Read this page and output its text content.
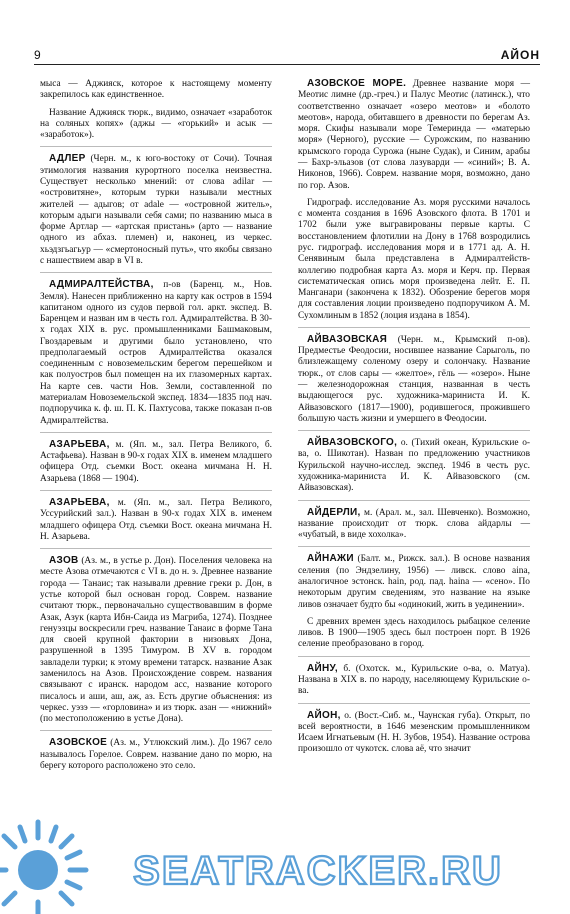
9	АЙОН

мыса — Аджияск, которое к настоящему моменту закрепилось как единственное.

Название Аджияск тюрк., видимо, означает «заработок на соляных копях» (аджы — «горький» и асык — «заработок»).

АДЛЕР (Черн. м., к юго-востоку от Сочи). Точная этимология названия курортного поселка неизвестна. Существует несколько мнений: от слова adilar — «островитяне», которым турки называли местных жителей — адыгов; от adale — «островной житель», которым адыги называли себя сами; по названию мыса в форме Артлар — «артская пристань» (арто — название одного из абхаз. племен) и, наконец, из черкес. хьэдзгьагьур — «смертоносный путь», что якобы связано с нашествием авар в VI в.

АДМИРАЛТЕЙСТВА, п-ов (Баренц. м., Нов. Земля). Нанесен приближенно на карту как остров в 1594 капитаном одного из судов первой гол. аркт. экспед. В. Баренцем и назван им в честь гол. Адмиралтейства. В 30-х годах XIX в. рус. промышленниками Башмаковым, Гвоздаревым и другими было установлено, что предполагаемый остров Адмиралтейства оказался соединенным с новоземельским берегом перешейком и как полуостров был помещен на их глазомерных картах. На карте сев. части Нов. Земли, составленной по материалам Новоземельской экспед. 1834—1835 под нач. подпоручика к. ф. ш. П. К. Пахтусова, также показан п-ов Адмиралтейства.

АЗАРЬЕВА, м. (Яп. м., зал. Петра Великого, б. Астафьева). Назван в 90-х годах XIX в. именем младшего офицера Отд. съемки Вост. океана мичмана Н. Н. Азарьева (1868 — 1904).

АЗАРЬЕВА, м. (Яп. м., зал. Петра Великого, Уссурийский зал.). Назван в 90-х годах XIX в. именем младшего офицера Отд. съемки Вост. океана мичмана Н. Н. Азарьева.

АЗОВ (Аз. м., в устье р. Дон). Поселения человека на месте Азова отмечаются с VI в. до н. э. Древнее название города — Танаис; так называли древние греки р. Дон, в устье которой был основан город. Соврем. название считают тюрк., первоначально существовавшим в форме Азак, Азук (карта Ибн-Саида из Магриба, 1274). Позднее генуэзцы воскресили греч. название Танаис в форме Тана для своей крупной фактории в низовьях Дона, разрушенной в 1395 Тимуром. В XV в. городом завладели турки; к этому времени татарск. название Азак заменилось на Азов. Происхождение соврем. названия связывают с иранск. народом асс, название которого писалось и аши, аш, аж, аз. Есть другие объяснения: из черкес. уэзэ — «горловина» и из тюрк. азан — «нижний» (по местоположению в устье Дона).

АЗОВСКОЕ (Аз. м., Утлюкский лим.). До 1967 село называлось Горелое. Соврем. название дано по морю, на берегу которого расположено это село.

АЗОВСКОЕ МОРЕ. Древнее название моря — Меотис лимне (др.-греч.) и Палус Меотис (латинск.), что соответственно означает «озеро меотов» и «болото меотов», народа, обитавшего в древности по берегам Аз. моря. Скифы называли море Темеринда — «матерью моря» (Черного), русские — Сурожским, по названию крымского города Сурожа (ныне Судак), и Синим, арабы — Бахр-эльазов (от слова лазуварди — «синий»; В. А. Никонов, 1966). Соврем. название моря, возможно, дано по гор. Азов.

Гидрограф. исследование Аз. моря русскими началось с момента создания в 1696 Азовского флота. В 1701 и 1702 были уже выгравированы первые карты. С восстановлением флотилии на Дону в 1768 возродились рус. гидрограф. исследования моря и в 1771 ад. А. Н. Сенявиным была представлена в Адмиралтейств-коллегию подробная карта Аз. моря и Керч. пр. Первая систематическая опись моря произведена лейт. Е. П. Манганари (закончена к 1832). Обозрение берегов моря для составления лоции произведено подпоручиком А. М. Сухомлиным в 1852 (лоция издана в 1854).

АЙВАЗОВСКАЯ (Черн. м., Крымский п-ов). Предместье Феодосии, носившее название Сарыголь, по близлежащему соленому озеру и солончаку. Название тюрк., от слов сары — «желтое», гёль — «озеро». Ныне — железнодорожная станция, названная в честь выдающегося рус. художника-мариниста И. К. Айвазовского (1817—1900), родившегося, прожившего большую часть жизни и умершего в Феодосии.

АЙВАЗОВСКОГО, о. (Тихий океан, Курильские о-ва, о. Шикотан). Назван по предложению участников Курильской научно-исслед. экспед. 1946 в честь рус. художника-мариниста И. К. Айвазовского (см. Айвазовская).

АЙДЕРЛИ, м. (Арал. м., зал. Шевченко). Возможно, название происходит от тюрк. слова айдарлы — «чубатый, в виде хохолка».

АЙНАЖИ (Балт. м., Рижск. зал.). В основе названия селения (по Эндзелину, 1956) — ливск. слово aina, аналогичное эстонск. hain, род. пад. haina — «сено». По некоторым другим сведениям, это название на языке ливов означает будто бы «одинокий, жить в уединении».

С древних времен здесь находилось рыбацкое селение ливов. В 1900—1905 здесь был построен порт. В 1926 селение преобразовано в город.

АЙНУ, б. (Охотск. м., Курильские о-ва, о. Матуа). Названа в XIX в. по народу, населяющему Курильские о-ва.

АЙОН, о. (Вост.-Сиб. м., Чаунская губа). Открыт, по всей вероятности, в 1646 мезенским промышленником Исаем Игнатьевым (Н. Н. Зубов, 1954). Название острова произошло от чукотск. слова аё, что значит

SEATRACKER.RU
